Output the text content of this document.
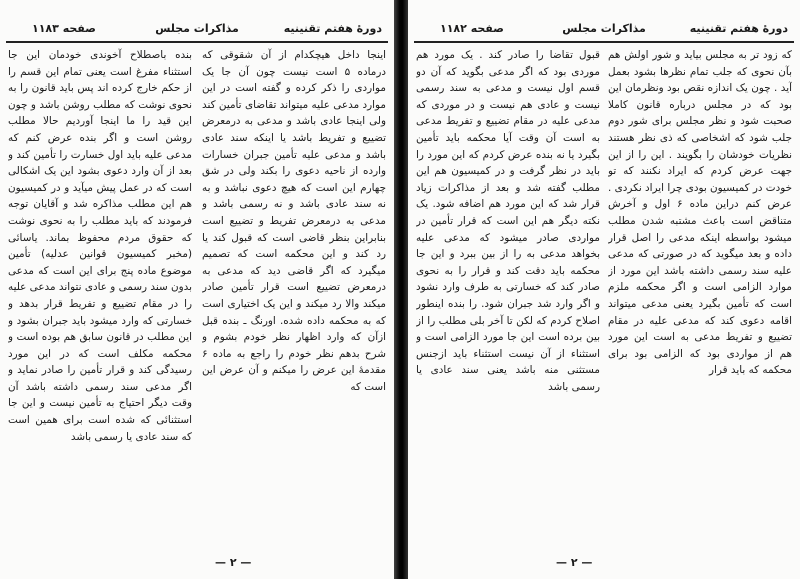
صفحه ۱۱۸۳	مذاکرات مجلس	دورهٔ هفتم تقنینیه

اینجا داخل هیچکدام از آن شقوقی که درماده ۵ است نیست چون آن جا یک مواردی را ذکر کرده و گفته است در این موارد مدعی علیه میتواند تقاضای تأمین کند ولی اینجا عادی باشد و مدعی به درمعرض تضییع و تفریط باشد یا اینکه سند عادی باشد و مدعی علیه تأمین جبران خسارات وارده از ناحیه دعوی را بکند ولی در شق چهارم این است که هیچ دعوی نباشد و به نه سند عادی باشد و نه رسمی باشد و مدعی به درمعرض تفریط و تضییع است بنابراین بنظر قاضی است که قبول کند یا رد کند و این محکمه است که تصمیم میگیرد که اگر قاضی دید که مدعی به درمعرض تضییع است قرار تأمین صادر میکند والا رد میکند و این یک اختیاری است که به محکمه داده شده. اورنگ ـ بنده قبل ازآن که وارد اظهار نظر خودم بشوم و شرح بدهم نظر خودم را راجع به ماده ۶ مقدمهٔ این عرض را میکنم و آن عرض این است که

بنده باصطلاح آخوندی خودمان این جا استثناء مفرغ است یعنی تمام این قسم را از حکم خارج کرده اند پس باید قانون را به نحوی نوشت که مطلب روشن باشد و چون این قید را ما اینجا آوردیم حالا مطلب روشن است و اگر بنده عرض کنم که مدعی علیه باید اول خسارت را تأمین کند و بعد از آن وارد دعوی بشود این یک اشکالی است که در عمل پیش میآید و در کمیسیون هم این مطلب مذاکره شد و آقایان توجه فرمودند که باید مطلب را به نحوی نوشت که حقوق مردم محفوظ بماند. یاسائی (مخبر کمیسیون قوانین عدلیه) تأمین موضوع ماده پنج برای این است که مدعی بدون سند رسمی و عادی نتواند مدعی علیه را در مقام تضییع و تفریط قرار بدهد و خسارتی که وارد میشود باید جبران بشود و این مطلب در قانون سابق هم بوده است و محکمه مکلف است که در این مورد رسیدگی کند و قرار تأمین را صادر نماید و اگر مدعی سند رسمی داشته باشد آن وقت دیگر احتیاج به تأمین نیست و این جا استثنائی که شده است برای همین است که سند عادی یا رسمی باشد

— ۲ —
صفحه ۱۱۸۲	مذاکرات مجلس	دورهٔ هفتم تقنینیه

که زود تر به مجلس بیاید و شور اولش هم بآن نحوی که جلب تمام نظرها بشود بعمل آید . چون یک اندازه نقص بود ونظرمان این بود که در مجلس درباره قانون کاملا صحبت شود و نظر مجلس برای شور دوم جلب شود که اشخاصی که ذی نظر هستند نظریات خودشان را بگویند . این را از این جهت عرض کردم که ایراد نکنند که تو خودت در کمیسیون بودی چرا ایراد نکردی . عرض کنم دراین ماده ۶ اول و آخرش متناقض است باعث مشتبه شدن مطلب میشود بواسطه اینکه مدعی را اصل قرار داده و بعد میگوید که در صورتی که مدعی علیه سند رسمی داشته باشد این مورد از موارد الزامی است و اگر محکمه ملزم است که تأمین بگیرد یعنی مدعی میتواند اقامه دعوی کند که مدعی علیه در مقام تضییع و تفریط مدعی به است این مورد هم از مواردی بود که الزامی بود برای محکمه که باید قرار

قبول تقاضا را صادر کند . یک مورد هم موردی بود که اگر مدعی بگوید که آن دو قسم اول نیست و مدعی به سند رسمی نیست و عادی هم نیست و در موردی که مدعی علیه در مقام تضییع و تفریط مدعی به است آن وقت آیا محکمه باید تأمین بگیرد یا نه بنده عرض کردم که این مورد را باید در نظر گرفت و در کمیسیون هم این مطلب گفته شد و بعد از مذاکرات زیاد قرار شد که این مورد هم اضافه شود. یک نکته دیگر هم این است که قرار تأمین در مواردی صادر میشود که مدعی علیه بخواهد مدعی به را از بین ببرد و این جا محکمه باید دقت کند و قرار را به نحوی صادر کند که خسارتی به طرف وارد نشود و اگر وارد شد جبران شود. را بنده اینطور اصلاح کردم که لکن تا آخر بلی مطلب را از بین برده است این جا مورد الزامی است و استثناء از آن نیست استثناء باید ازجنس مستثنی منه باشد یعنی سند عادی یا رسمی باشد

— ۲ —
